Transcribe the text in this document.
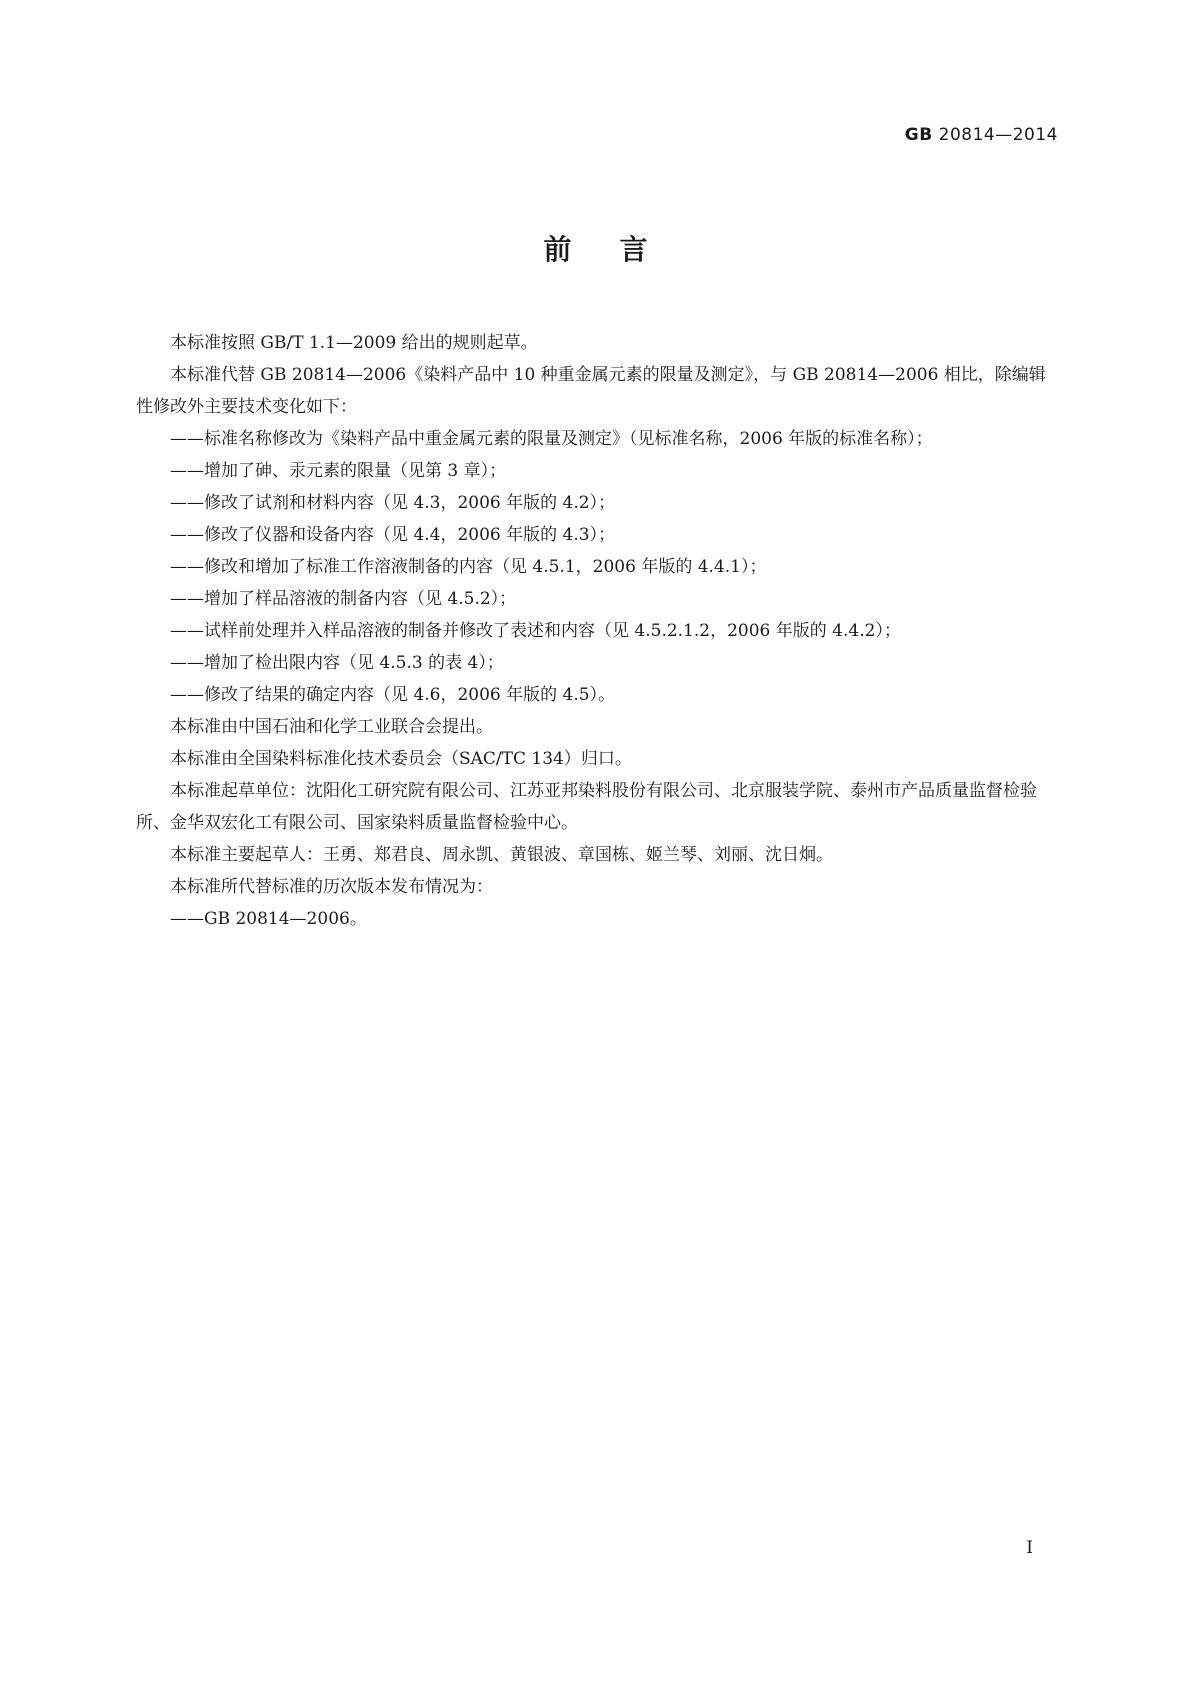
GB 20814—2014
前言

本标准按照 GB/T 1.1—2009 给出的规则起草。

本标准代替 GB 20814—2006《染料产品中 10 种重金属元素的限量及测定》，与 GB 20814—2006 相比，除编辑性修改外主要技术变化如下：

——标准名称修改为《染料产品中重金属元素的限量及测定》（见标准名称，2006 年版的标准名称）；

——增加了砷、汞元素的限量（见第 3 章）；

——修改了试剂和材料内容（见 4.3，2006 年版的 4.2）；

——修改了仪器和设备内容（见 4.4，2006 年版的 4.3）；

——修改和增加了标准工作溶液制备的内容（见 4.5.1，2006 年版的 4.4.1）；

——增加了样品溶液的制备内容（见 4.5.2）；

——试样前处理并入样品溶液的制备并修改了表述和内容（见 4.5.2.1.2，2006 年版的 4.4.2）；

——增加了检出限内容（见 4.5.3 的表 4）；

——修改了结果的确定内容（见 4.6，2006 年版的 4.5）。

本标准由中国石油和化学工业联合会提出。

本标准由全国染料标准化技术委员会（SAC/TC 134）归口。

本标准起草单位：沈阳化工研究院有限公司、江苏亚邦染料股份有限公司、北京服装学院、泰州市产品质量监督检验所、金华双宏化工有限公司、国家染料质量监督检验中心。

本标准主要起草人：王勇、郑君良、周永凯、黄银波、章国栋、姬兰琴、刘丽、沈日炯。

本标准所代替标准的历次版本发布情况为：

——GB 20814—2006。

I
